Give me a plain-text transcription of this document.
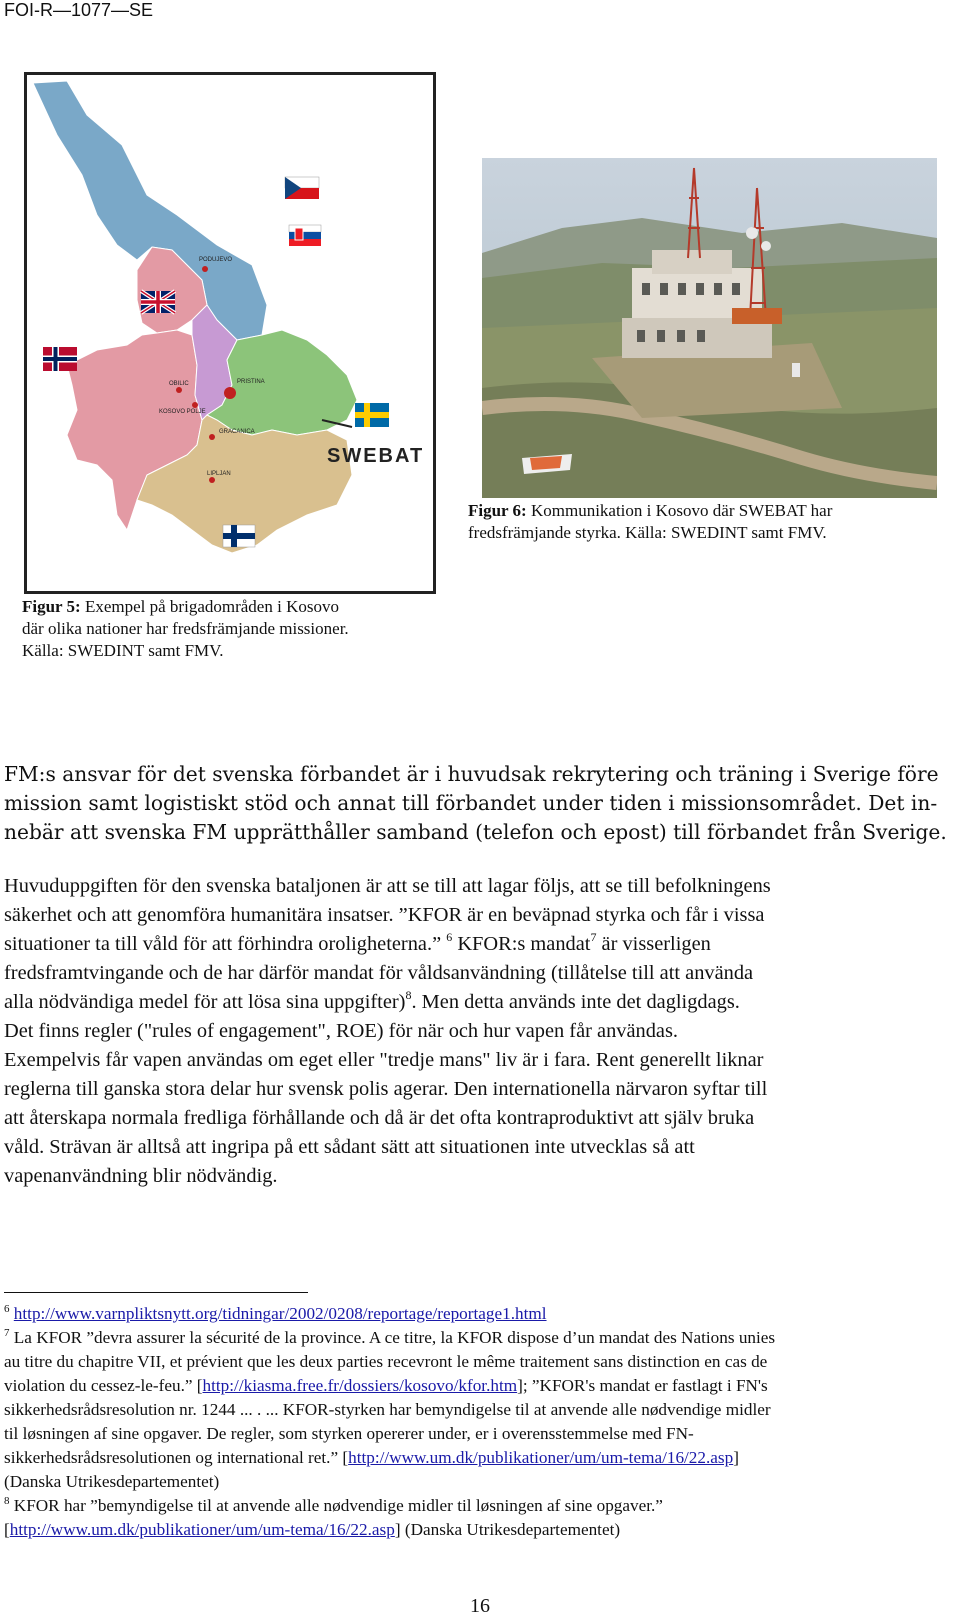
FOI-R—1077—SE
PODUJEVO
PRISTINA
OBILIC
KOSOVO POLJE
GRACANICA
LIPLJAN
SWEBAT
Figur 5: Exempel på brigadområden i Kosovo
där olika nationer har fredsfrämjande missioner.
Källa: SWEDINT samt FMV.
Figur 6: Kommunikation i Kosovo där SWEBAT har
fredsfrämjande styrka. Källa: SWEDINT samt FMV.
FM:s ansvar för det svenska förbandet är i huvudsak rekrytering och träning i Sverige före
mission samt logistiskt stöd och annat till förbandet under tiden i missionsområdet. Det in-
nebär att svenska FM upprätthåller samband (telefon och epost) till förbandet från Sverige.
Huvuduppgiften för den svenska bataljonen är att se till att lagar följs, att se till befolkningens
säkerhet och att genomföra humanitära insatser. ”KFOR är en beväpnad styrka och får i vissa
situationer ta till våld för att förhindra oroligheterna.” $^6$ KFOR:s mandat$^7$ är visserligen
fredsframtvingande och de har därför mandat för våldsanvändning (tillåtelse till att använda
alla nödvändiga medel för att lösa sina uppgifter)$^8$. Men detta används inte det dagligdags.
Det finns regler ("rules of engagement", ROE) för när och hur vapen får användas.
Exempelvis får vapen användas om eget eller "tredje mans" liv är i fara. Rent generellt liknar
reglerna till ganska stora delar hur svensk polis agerar. Den internationella närvaron syftar till
att återskapa normala fredliga förhållande och då är det ofta kontraproduktivt att själv bruka
våld. Strävan är alltså att ingripa på ett sådant sätt att situationen inte utvecklas så att
vapenanvändning blir nödvändig.
$^6$ http://www.varnpliktsnytt.org/tidningar/2002/0208/reportage/reportage1.html
$^7$ La KFOR ”devra assurer la sécurité de la province. A ce titre, la KFOR dispose d’un mandat des Nations unies
au titre du chapitre VII, et prévient que les deux parties recevront le même traitement sans distinction en cas de
violation du cessez-le-feu.” [http://kiasma.free.fr/dossiers/kosovo/kfor.htm]; ”KFOR's mandat er fastlagt i FN's
sikkerhedsrådsresolution nr. 1244 ... . ... KFOR-styrken har bemyndigelse til at anvende alle nødvendige midler
til løsningen af sine opgaver. De regler, som styrken opererer under, er i overensstemmelse med FN-
sikkerhedsrådsresolutionen og international ret.” [http://www.um.dk/publikationer/um/um-tema/16/22.asp]
(Danska Utrikesdepartementet)
$^8$ KFOR har ”bemyndigelse til at anvende alle nødvendige midler til løsningen af sine opgaver.”
[http://www.um.dk/publikationer/um/um-tema/16/22.asp] (Danska Utrikesdepartementet)
16
